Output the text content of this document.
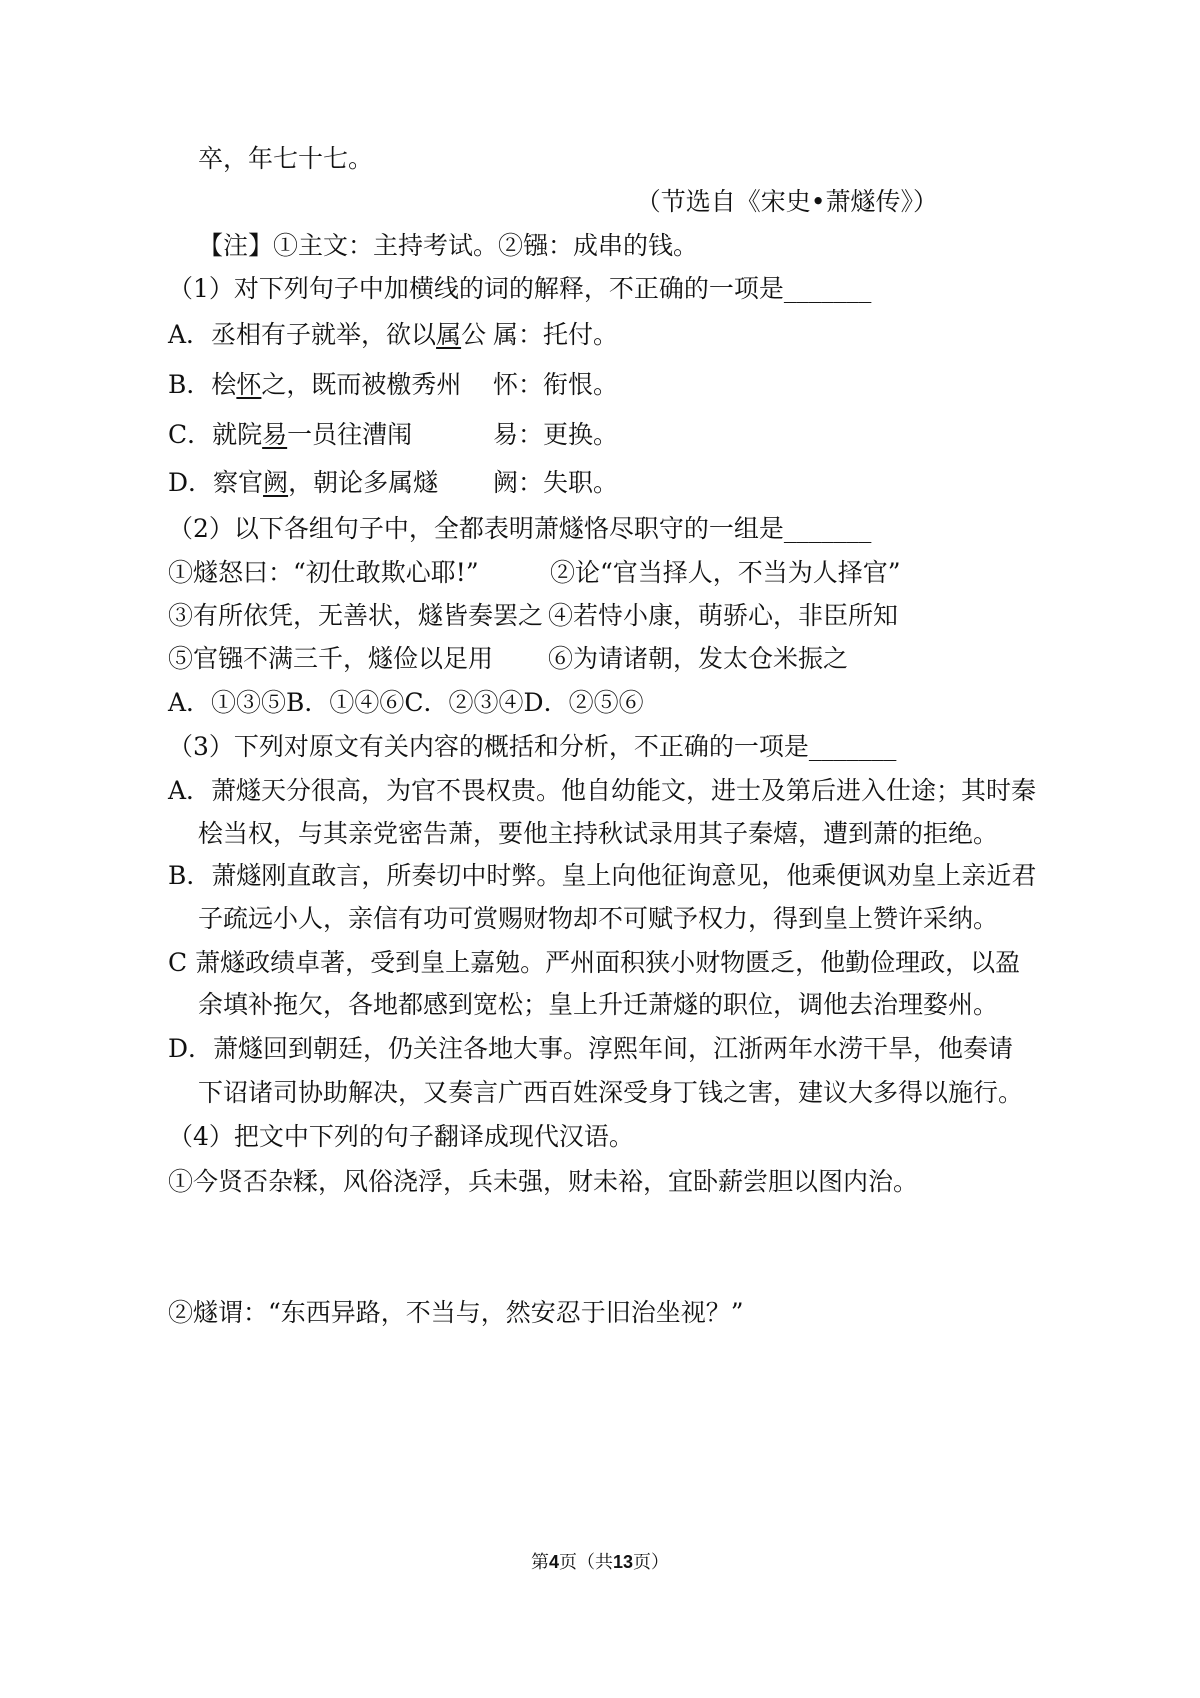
卒，年七十七。
（节选自《宋史•萧燧传》）
【注】①主文：主持考试。②镪：成串的钱。
（1）对下列句子中加横线的词的解释，不正确的一项是_______
A．丞相有子就举，欲以属公 属：托付。
B．桧怀之，既而被檄秀州 怀：衔恨。
C．就院易一员往漕闱	易：更换。
D．察官阙，朝论多属燧 阙：失职。
（2）以下各组句子中，全都表明萧燧恪尽职守的一组是_______
①燧怒曰：“初仕敢欺心耶!”	②论“官当择人，不当为人择官”
③有所依凭，无善状，燧皆奏罢之 ④若恃小康，萌骄心，非臣所知
⑤官镪不满三千，燧俭以足用 ⑥为请诸朝，发太仓米振之
A．①③⑤B．①④⑥C．②③④D．②⑤⑥
（3）下列对原文有关内容的概括和分析，不正确的一项是_______
A．萧燧天分很高，为官不畏权贵。他自幼能文，进士及第后进入仕途；其时秦
桧当权，与其亲党密告萧，要他主持秋试录用其子秦熺，遭到萧的拒绝。
B．萧燧刚直敢言，所奏切中时弊。皇上向他征询意见，他乘便讽劝皇上亲近君
子疏远小人，亲信有功可赏赐财物却不可赋予权力，得到皇上赞许采纳。
C 萧燧政绩卓著，受到皇上嘉勉。严州面积狭小财物匮乏，他勤俭理政，以盈
余填补拖欠，各地都感到宽松；皇上升迁萧燧的职位，调他去治理婺州。
D．萧燧回到朝廷，仍关注各地大事。淳熙年间，江浙两年水涝干旱，他奏请
下诏诸司协助解决，又奏言广西百姓深受身丁钱之害，建议大多得以施行。
（4）把文中下列的句子翻译成现代汉语。
①今贤否杂糅，风俗浇浮，兵未强，财未裕，宜卧薪尝胆以图内治。
②燧谓：“东西异路，不当与，然安忍于旧治坐视？”
第4页（共13页）
